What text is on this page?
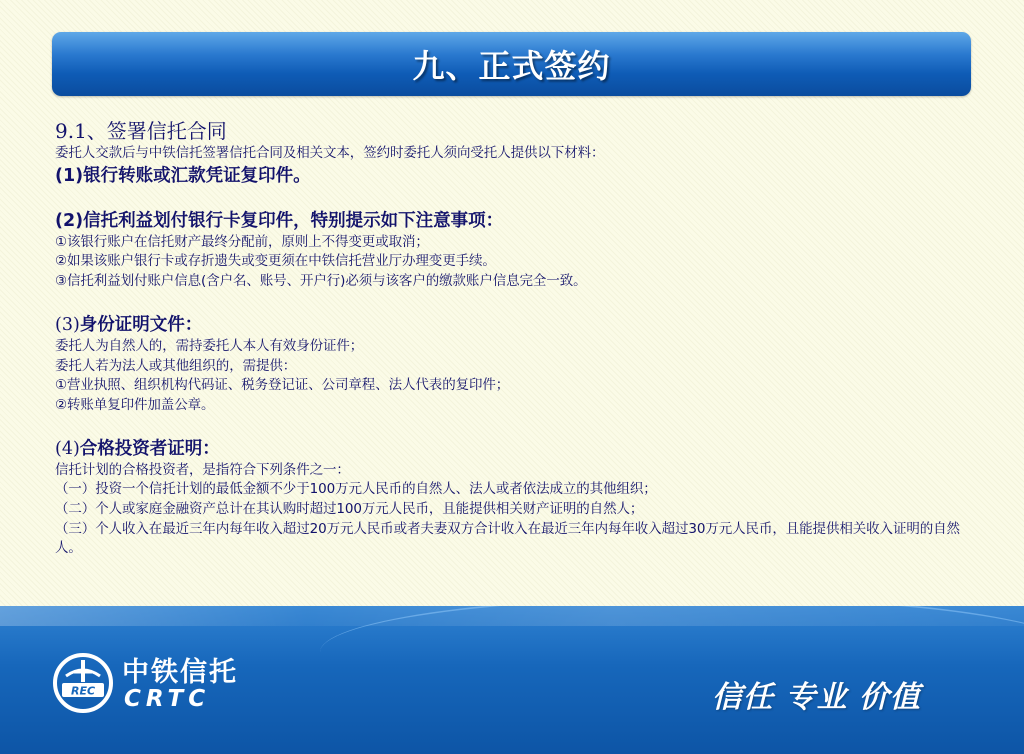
九、正式签约
9.1、签署信托合同
委托人交款后与中铁信托签署信托合同及相关文本，签约时委托人须向受托人提供以下材料：
(1)银行转账或汇款凭证复印件。
(2)信托利益划付银行卡复印件，特别提示如下注意事项：
①该银行账户在信托财产最终分配前，原则上不得变更或取消；
②如果该账户银行卡或存折遗失或变更须在中铁信托营业厅办理变更手续。
③信托利益划付账户信息(含户名、账号、开户行)必须与该客户的缴款账户信息完全一致。
(3)身份证明文件：
委托人为自然人的，需持委托人本人有效身份证件；
委托人若为法人或其他组织的，需提供：
①营业执照、组织机构代码证、税务登记证、公司章程、法人代表的复印件；
②转账单复印件加盖公章。
(4)合格投资者证明：
信托计划的合格投资者，是指符合下列条件之一：
（一）投资一个信托计划的最低金额不少于100万元人民币的自然人、法人或者依法成立的其他组织；
（二）个人或家庭金融资产总计在其认购时超过100万元人民币，且能提供相关财产证明的自然人；
（三）个人收入在最近三年内每年收入超过20万元人民币或者夫妻双方合计收入在最近三年内每年收入超过30万元人民币，且能提供相关收入证明的自然人。
REC
中铁信托
CRTC	信任 专业 价值
